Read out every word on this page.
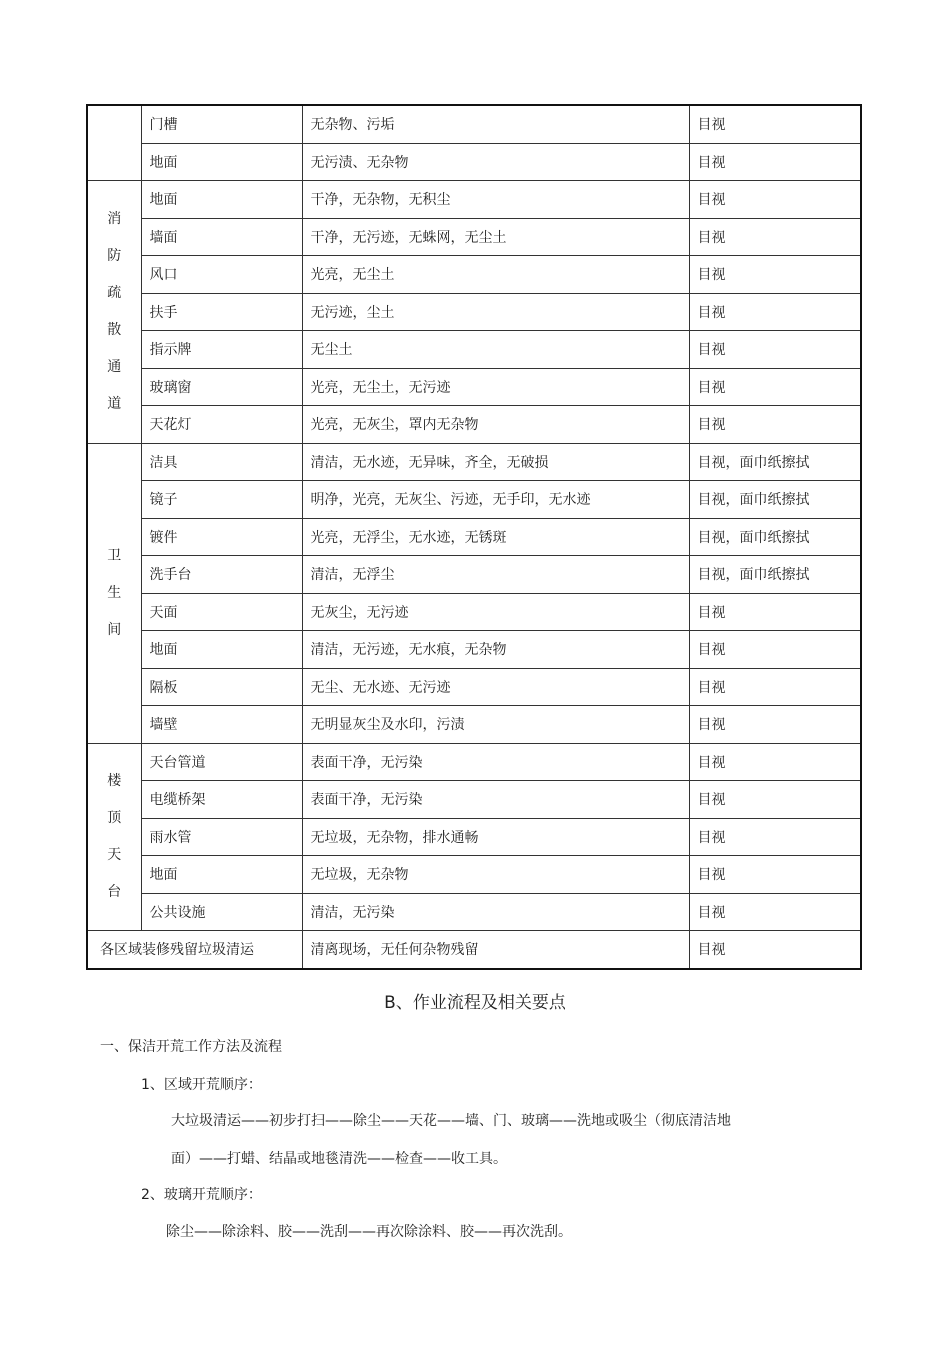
	门槽	无杂物、污垢	目视
	地面	无污渍、无杂物	目视
消防疏散通道	地面	干净，无杂物，无积尘	目视
	墙面	干净，无污迹，无蛛网，无尘土	目视
	风口	光亮，无尘土	目视
	扶手	无污迹，尘土	目视
	指示牌	无尘土	目视
	玻璃窗	光亮，无尘土，无污迹	目视
	天花灯	光亮，无灰尘，罩内无杂物	目视
卫生间	洁具	清洁，无水迹，无异味，齐全，无破损	目视，面巾纸擦拭
	镜子	明净，光亮，无灰尘、污迹，无手印，无水迹	目视，面巾纸擦拭
	镀件	光亮，无浮尘，无水迹，无锈斑	目视，面巾纸擦拭
	洗手台	清洁，无浮尘	目视，面巾纸擦拭
	天面	无灰尘，无污迹	目视
	地面	清洁，无污迹，无水痕，无杂物	目视
	隔板	无尘、无水迹、无污迹	目视
	墙壁	无明显灰尘及水印，污渍	目视
楼顶天台	天台管道	表面干净，无污染	目视
	电缆桥架	表面干净，无污染	目视
	雨水管	无垃圾，无杂物，排水通畅	目视
	地面	无垃圾，无杂物	目视
	公共设施	清洁，无污染	目视
各区域装修残留垃圾清运		清离现场，无任何杂物残留	目视
B、作业流程及相关要点
一、保洁开荒工作方法及流程
1、区域开荒顺序：
大垃圾清运——初步打扫——除尘——天花——墙、门、玻璃——洗地或吸尘（彻底清洁地
面）——打蜡、结晶或地毯清洗——检查——收工具。
2、玻璃开荒顺序：
除尘——除涂料、胶——洗刮——再次除涂料、胶——再次洗刮。
